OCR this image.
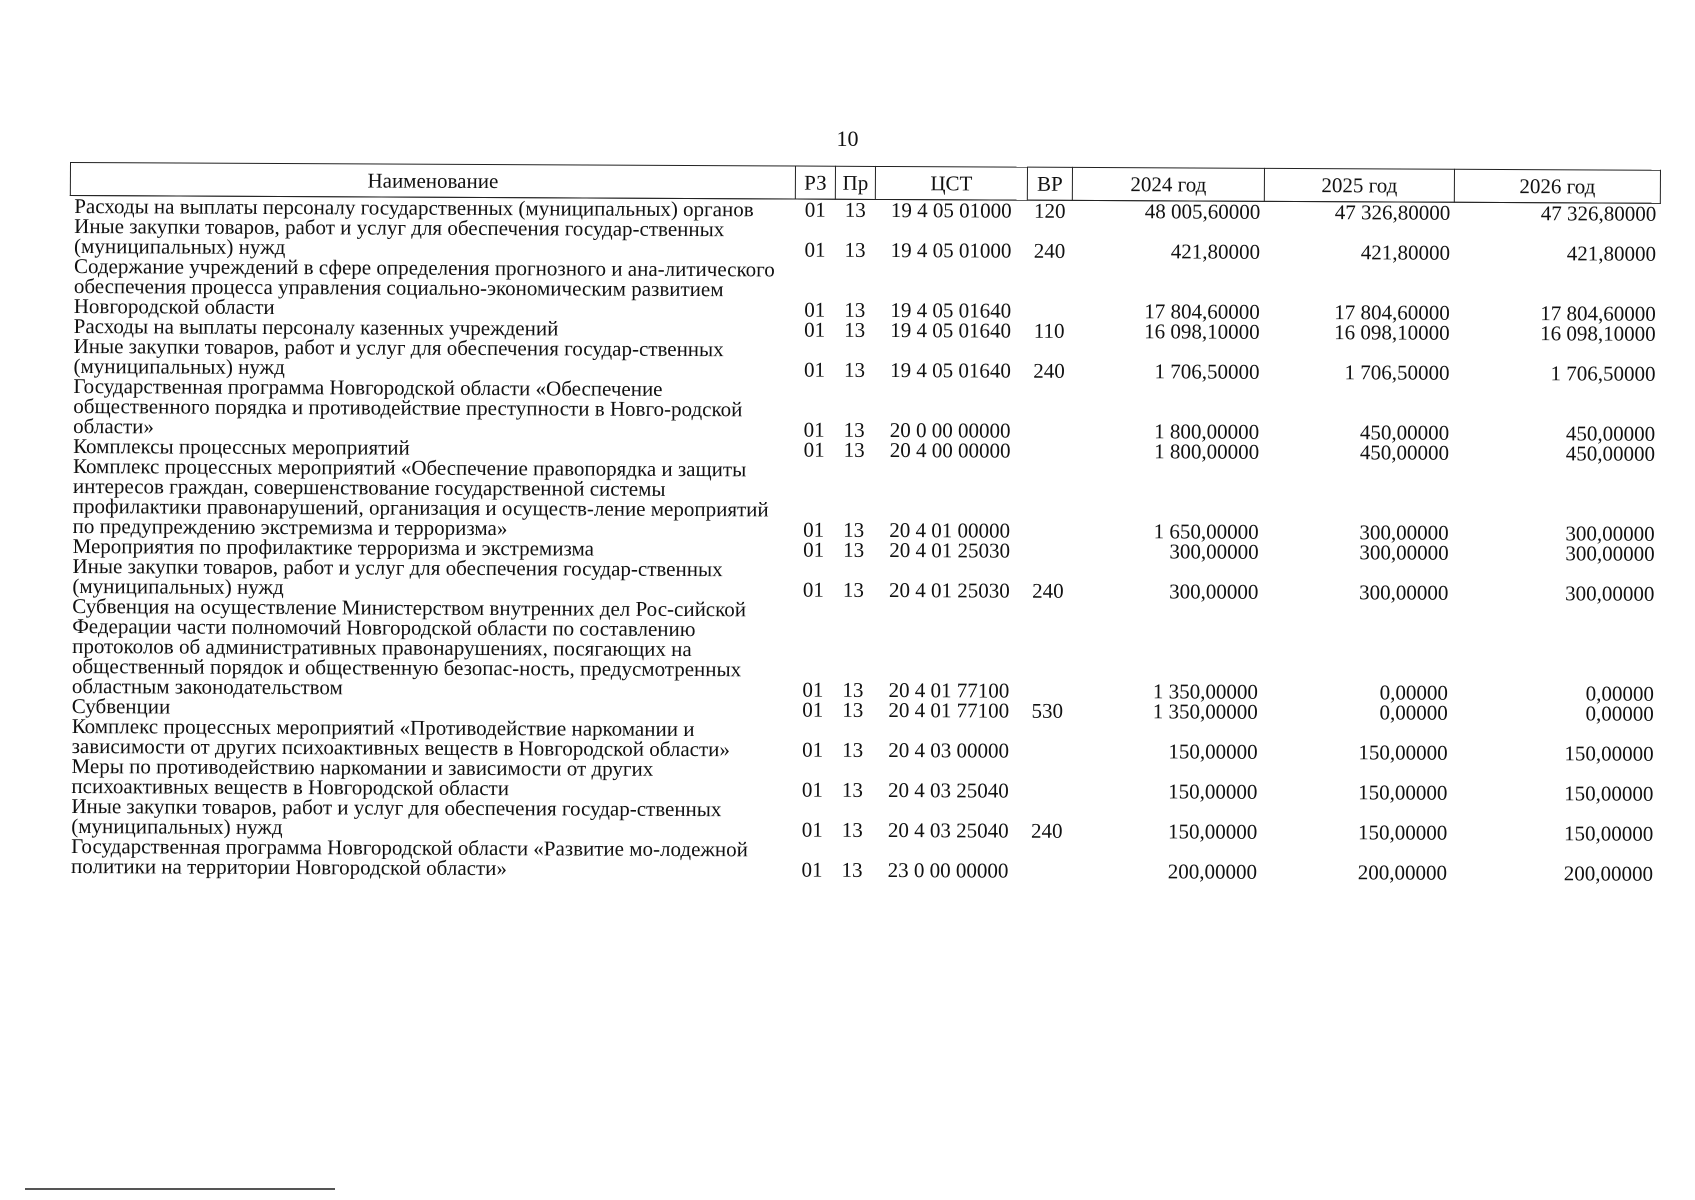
10
Наименование	РЗ	Пр	ЦСТ	ВР	2024 год	2025 год	2026 год
Расходы на выплаты персоналу государственных (муниципальных) органов	01	13	19 4 05 01000	120	48 005,60000	47 326,80000	47 326,80000
Иные закупки товаров, работ и услуг для обеспечения государ-ственных (муниципальных) нужд	01	13	19 4 05 01000	240	421,80000	421,80000	421,80000
Содержание учреждений в сфере определения прогнозного и ана-литического обеспечения процесса управления социально-экономическим развитием Новгородской области	01	13	19 4 05 01640		17 804,60000	17 804,60000	17 804,60000
Расходы на выплаты персоналу казенных учреждений	01	13	19 4 05 01640	110	16 098,10000	16 098,10000	16 098,10000
Иные закупки товаров, работ и услуг для обеспечения государ-ственных (муниципальных) нужд	01	13	19 4 05 01640	240	1 706,50000	1 706,50000	1 706,50000
Государственная программа Новгородской области «Обеспечение общественного порядка и противодействие преступности в Новго-родской области»	01	13	20 0 00 00000		1 800,00000	450,00000	450,00000
Комплексы процессных мероприятий	01	13	20 4 00 00000		1 800,00000	450,00000	450,00000
Комплекс процессных мероприятий «Обеспечение правопорядка и защиты интересов граждан, совершенствование государственной системы профилактики правонарушений, организация и осуществ-ление мероприятий по предупреждению экстремизма и терроризма»	01	13	20 4 01 00000		1 650,00000	300,00000	300,00000
Мероприятия по профилактике терроризма и экстремизма	01	13	20 4 01 25030		300,00000	300,00000	300,00000
Иные закупки товаров, работ и услуг для обеспечения государ-ственных (муниципальных) нужд	01	13	20 4 01 25030	240	300,00000	300,00000	300,00000
Субвенция на осуществление Министерством внутренних дел Рос-сийской Федерации части полномочий Новгородской области по составлению протоколов об административных правонарушениях, посягающих на общественный порядок и общественную безопас-ность, предусмотренных областным законодательством	01	13	20 4 01 77100		1 350,00000	0,00000	0,00000
Субвенции	01	13	20 4 01 77100	530	1 350,00000	0,00000	0,00000
Комплекс процессных мероприятий «Противодействие наркомании и зависимости от других психоактивных веществ в Новгородской области»	01	13	20 4 03 00000		150,00000	150,00000	150,00000
Меры по противодействию наркомании и зависимости от других психоактивных веществ в Новгородской области	01	13	20 4 03 25040		150,00000	150,00000	150,00000
Иные закупки товаров, работ и услуг для обеспечения государ-ственных (муниципальных) нужд	01	13	20 4 03 25040	240	150,00000	150,00000	150,00000
Государственная программа Новгородской области «Развитие мо-лодежной политики на территории Новгородской области»	01	13	23 0 00 00000		200,00000	200,00000	200,00000
